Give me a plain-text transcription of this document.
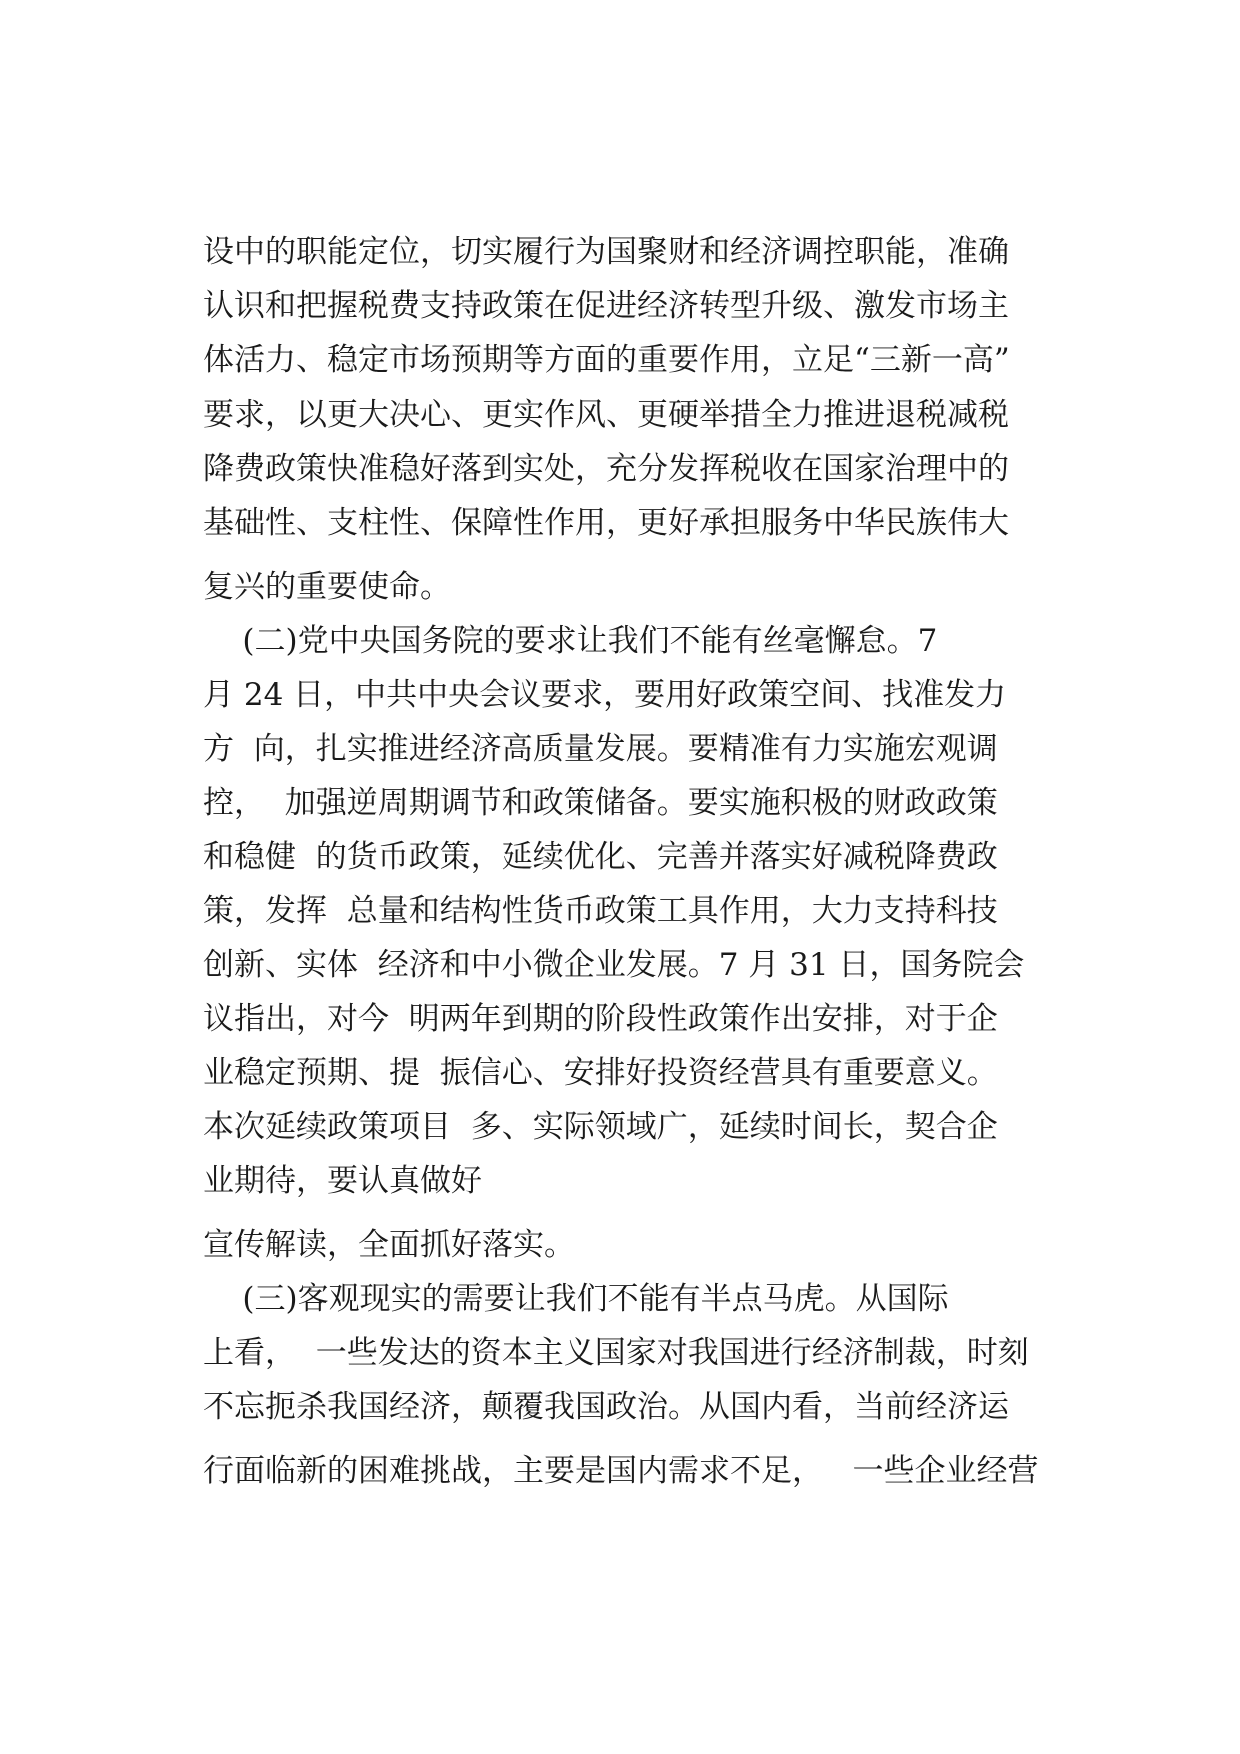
设中的职能定位，切实履行为国聚财和经济调控职能，准确
认识和把握税费支持政策在促进经济转型升级、激发市场主
体活力、稳定市场预期等方面的重要作用，立足“三新一高”
要求，以更大决心、更实作风、更硬举措全力推进退税减税
降费政策快准稳好落到实处，充分发挥税收在国家治理中的
基础性、支柱性、保障性作用，更好承担服务中华民族伟大
复兴的重要使命。
(二)党中央国务院的要求让我们不能有丝毫懈怠。7
月 24 日，中共中央会议要求，要用好政策空间、找准发力
方  向，扎实推进经济高质量发展。要精准有力实施宏观调
控，  加强逆周期调节和政策储备。要实施积极的财政政策
和稳健  的货币政策，延续优化、完善并落实好减税降费政
策，发挥  总量和结构性货币政策工具作用，大力支持科技
创新、实体  经济和中小微企业发展。7 月 31 日，国务院会
议指出，对今  明两年到期的阶段性政策作出安排，对于企
业稳定预期、提  振信心、安排好投资经营具有重要意义。
本次延续政策项目  多、实际领域广，延续时间长，契合企
业期待，要认真做好
宣传解读，全面抓好落实。
(三)客观现实的需要让我们不能有半点马虎。从国际
上看，  一些发达的资本主义国家对我国进行经济制裁，时刻
不忘扼杀我国经济，颠覆我国政治。从国内看，当前经济运
行面临新的困难挑战，主要是国内需求不足，   一些企业经营
